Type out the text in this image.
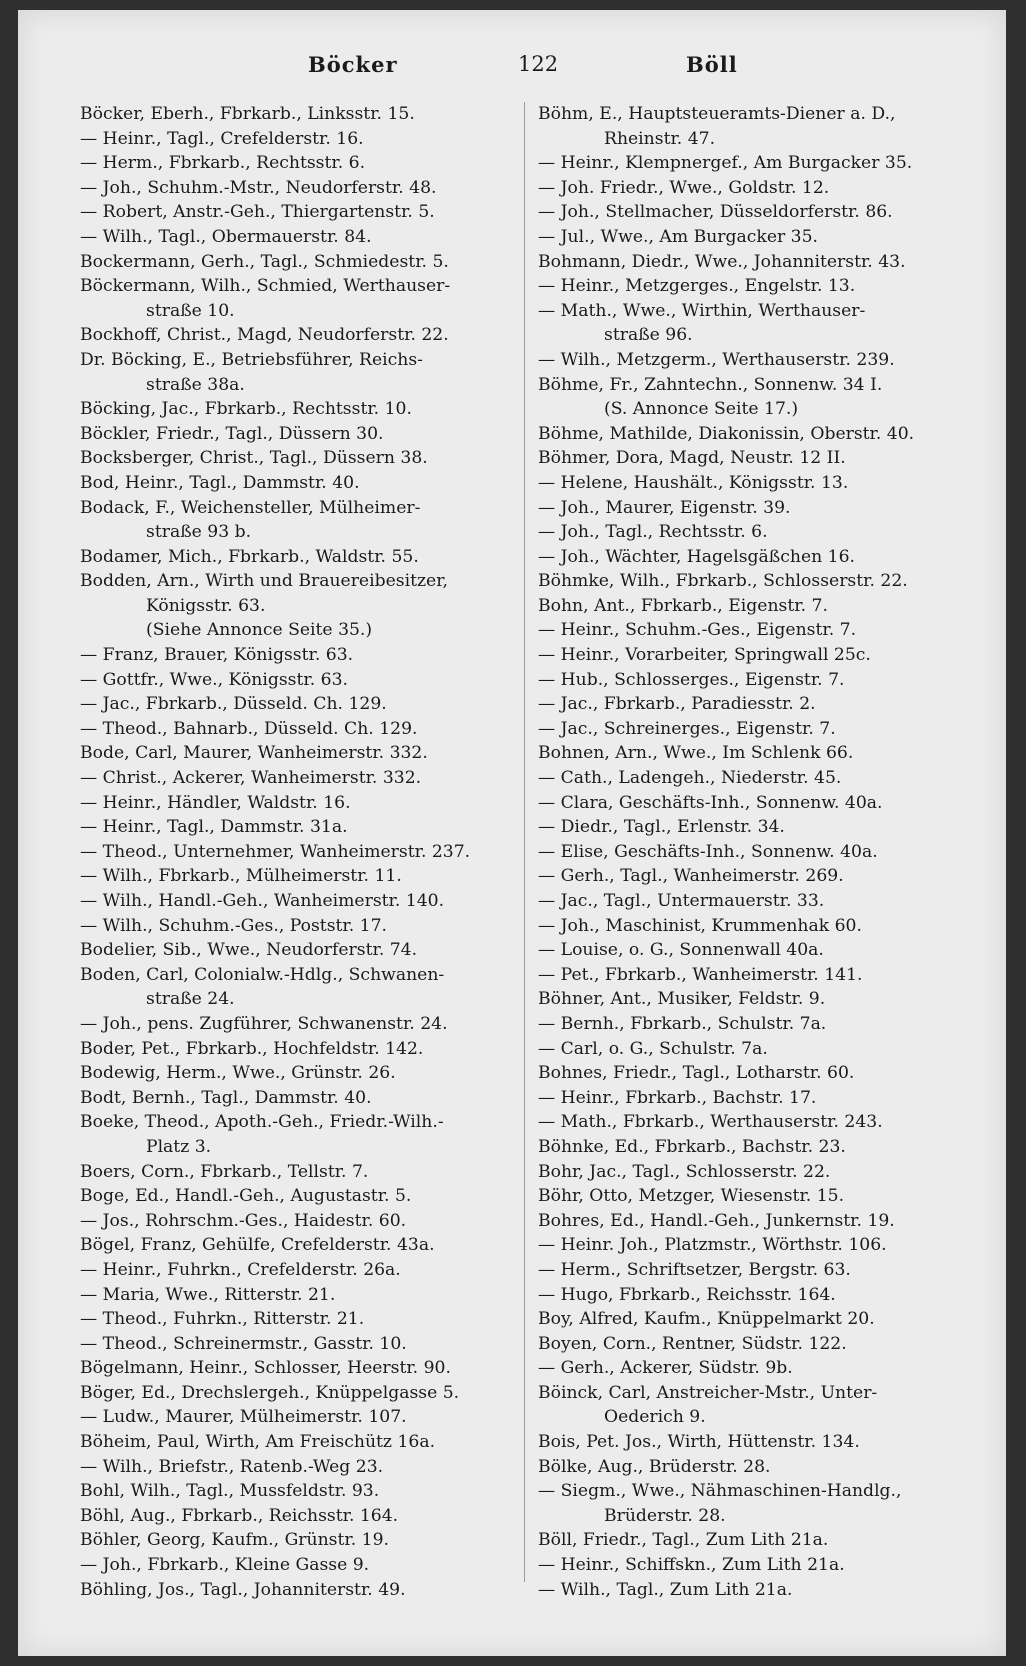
Böcker	122	Böll
Böcker, Eberh., Fbrkarb., Linksstr. 15.
— Heinr., Tagl., Crefelderstr. 16.
— Herm., Fbrkarb., Rechtsstr. 6.
— Joh., Schuhm.-Mstr., Neudorferstr. 48.
— Robert, Anstr.-Geh., Thiergartenstr. 5.
— Wilh., Tagl., Obermauerstr. 84.
Bockermann, Gerh., Tagl., Schmiedestr. 5.
Böckermann, Wilh., Schmied, Werthauser-

straße 10.
Bockhoff, Christ., Magd, Neudorferstr. 22.
Dr. Böcking, E., Betriebsführer, Reichs-

straße 38a.
Böcking, Jac., Fbrkarb., Rechtsstr. 10.
Böckler, Friedr., Tagl., Düssern 30.
Bocksberger, Christ., Tagl., Düssern 38.
Bod, Heinr., Tagl., Dammstr. 40.
Bodack, F., Weichensteller, Mülheimer-

straße 93 b.
Bodamer, Mich., Fbrkarb., Waldstr. 55.
Bodden, Arn., Wirth und Brauereibesitzer,

Königsstr. 63.
(Siehe Annonce Seite 35.)
— Franz, Brauer, Königsstr. 63.
— Gottfr., Wwe., Königsstr. 63.
— Jac., Fbrkarb., Düsseld. Ch. 129.
— Theod., Bahnarb., Düsseld. Ch. 129.
Bode, Carl, Maurer, Wanheimerstr. 332.
— Christ., Ackerer, Wanheimerstr. 332.
— Heinr., Händler, Waldstr. 16.
— Heinr., Tagl., Dammstr. 31a.
— Theod., Unternehmer, Wanheimerstr. 237.
— Wilh., Fbrkarb., Mülheimerstr. 11.
— Wilh., Handl.-Geh., Wanheimerstr. 140.
— Wilh., Schuhm.-Ges., Poststr. 17.
Bodelier, Sib., Wwe., Neudorferstr. 74.
Boden, Carl, Colonialw.-Hdlg., Schwanen-

straße 24.
— Joh., pens. Zugführer, Schwanenstr. 24.
Boder, Pet., Fbrkarb., Hochfeldstr. 142.
Bodewig, Herm., Wwe., Grünstr. 26.
Bodt, Bernh., Tagl., Dammstr. 40.
Boeke, Theod., Apoth.-Geh., Friedr.-Wilh.-

Platz 3.
Boers, Corn., Fbrkarb., Tellstr. 7.
Boge, Ed., Handl.-Geh., Augustastr. 5.
— Jos., Rohrschm.-Ges., Haidestr. 60.
Bögel, Franz, Gehülfe, Crefelderstr. 43a.
— Heinr., Fuhrkn., Crefelderstr. 26a.
— Maria, Wwe., Ritterstr. 21.
— Theod., Fuhrkn., Ritterstr. 21.
— Theod., Schreinermstr., Gasstr. 10.
Bögelmann, Heinr., Schlosser, Heerstr. 90.
Böger, Ed., Drechslergeh., Knüppelgasse 5.
— Ludw., Maurer, Mülheimerstr. 107.
Böheim, Paul, Wirth, Am Freischütz 16a.
— Wilh., Briefstr., Ratenb.-Weg 23.
Bohl, Wilh., Tagl., Mussfeldstr. 93.
Böhl, Aug., Fbrkarb., Reichsstr. 164.
Böhler, Georg, Kaufm., Grünstr. 19.
— Joh., Fbrkarb., Kleine Gasse 9.
Böhling, Jos., Tagl., Johanniterstr. 49.
Böhm, E., Hauptsteueramts-Diener a. D.,

Rheinstr. 47.
— Heinr., Klempnergef., Am Burgacker 35.
— Joh. Friedr., Wwe., Goldstr. 12.
— Joh., Stellmacher, Düsseldorferstr. 86.
— Jul., Wwe., Am Burgacker 35.
Bohmann, Diedr., Wwe., Johanniterstr. 43.
— Heinr., Metzgerges., Engelstr. 13.
— Math., Wwe., Wirthin, Werthauser-

straße 96.
— Wilh., Metzgerm., Werthauserstr. 239.
Böhme, Fr., Zahntechn., Sonnenw. 34 I.

(S. Annonce Seite 17.)
Böhme, Mathilde, Diakonissin, Oberstr. 40.
Böhmer, Dora, Magd, Neustr. 12 II.
— Helene, Haushält., Königsstr. 13.
— Joh., Maurer, Eigenstr. 39.
— Joh., Tagl., Rechtsstr. 6.
— Joh., Wächter, Hagelsgäßchen 16.
Böhmke, Wilh., Fbrkarb., Schlosserstr. 22.
Bohn, Ant., Fbrkarb., Eigenstr. 7.
— Heinr., Schuhm.-Ges., Eigenstr. 7.
— Heinr., Vorarbeiter, Springwall 25c.
— Hub., Schlosserges., Eigenstr. 7.
— Jac., Fbrkarb., Paradiesstr. 2.
— Jac., Schreinerges., Eigenstr. 7.
Bohnen, Arn., Wwe., Im Schlenk 66.
— Cath., Ladengeh., Niederstr. 45.
— Clara, Geschäfts-Inh., Sonnenw. 40a.
— Diedr., Tagl., Erlenstr. 34.
— Elise, Geschäfts-Inh., Sonnenw. 40a.
— Gerh., Tagl., Wanheimerstr. 269.
— Jac., Tagl., Untermauerstr. 33.
— Joh., Maschinist, Krummenhak 60.
— Louise, o. G., Sonnenwall 40a.
— Pet., Fbrkarb., Wanheimerstr. 141.
Böhner, Ant., Musiker, Feldstr. 9.
— Bernh., Fbrkarb., Schulstr. 7a.
— Carl, o. G., Schulstr. 7a.
Bohnes, Friedr., Tagl., Lotharstr. 60.
— Heinr., Fbrkarb., Bachstr. 17.
— Math., Fbrkarb., Werthauserstr. 243.
Böhnke, Ed., Fbrkarb., Bachstr. 23.
Bohr, Jac., Tagl., Schlosserstr. 22.
Böhr, Otto, Metzger, Wiesenstr. 15.
Bohres, Ed., Handl.-Geh., Junkernstr. 19.
— Heinr. Joh., Platzmstr., Wörthstr. 106.
— Herm., Schriftsetzer, Bergstr. 63.
— Hugo, Fbrkarb., Reichsstr. 164.
Boy, Alfred, Kaufm., Knüppelmarkt 20.
Boyen, Corn., Rentner, Südstr. 122.
— Gerh., Ackerer, Südstr. 9b.
Böinck, Carl, Anstreicher-Mstr., Unter-

Oederich 9.
Bois, Pet. Jos., Wirth, Hüttenstr. 134.
Bölke, Aug., Brüderstr. 28.
— Siegm., Wwe., Nähmaschinen-Handlg.,

Brüderstr. 28.
Böll, Friedr., Tagl., Zum Lith 21a.
— Heinr., Schiffskn., Zum Lith 21a.
— Wilh., Tagl., Zum Lith 21a.
